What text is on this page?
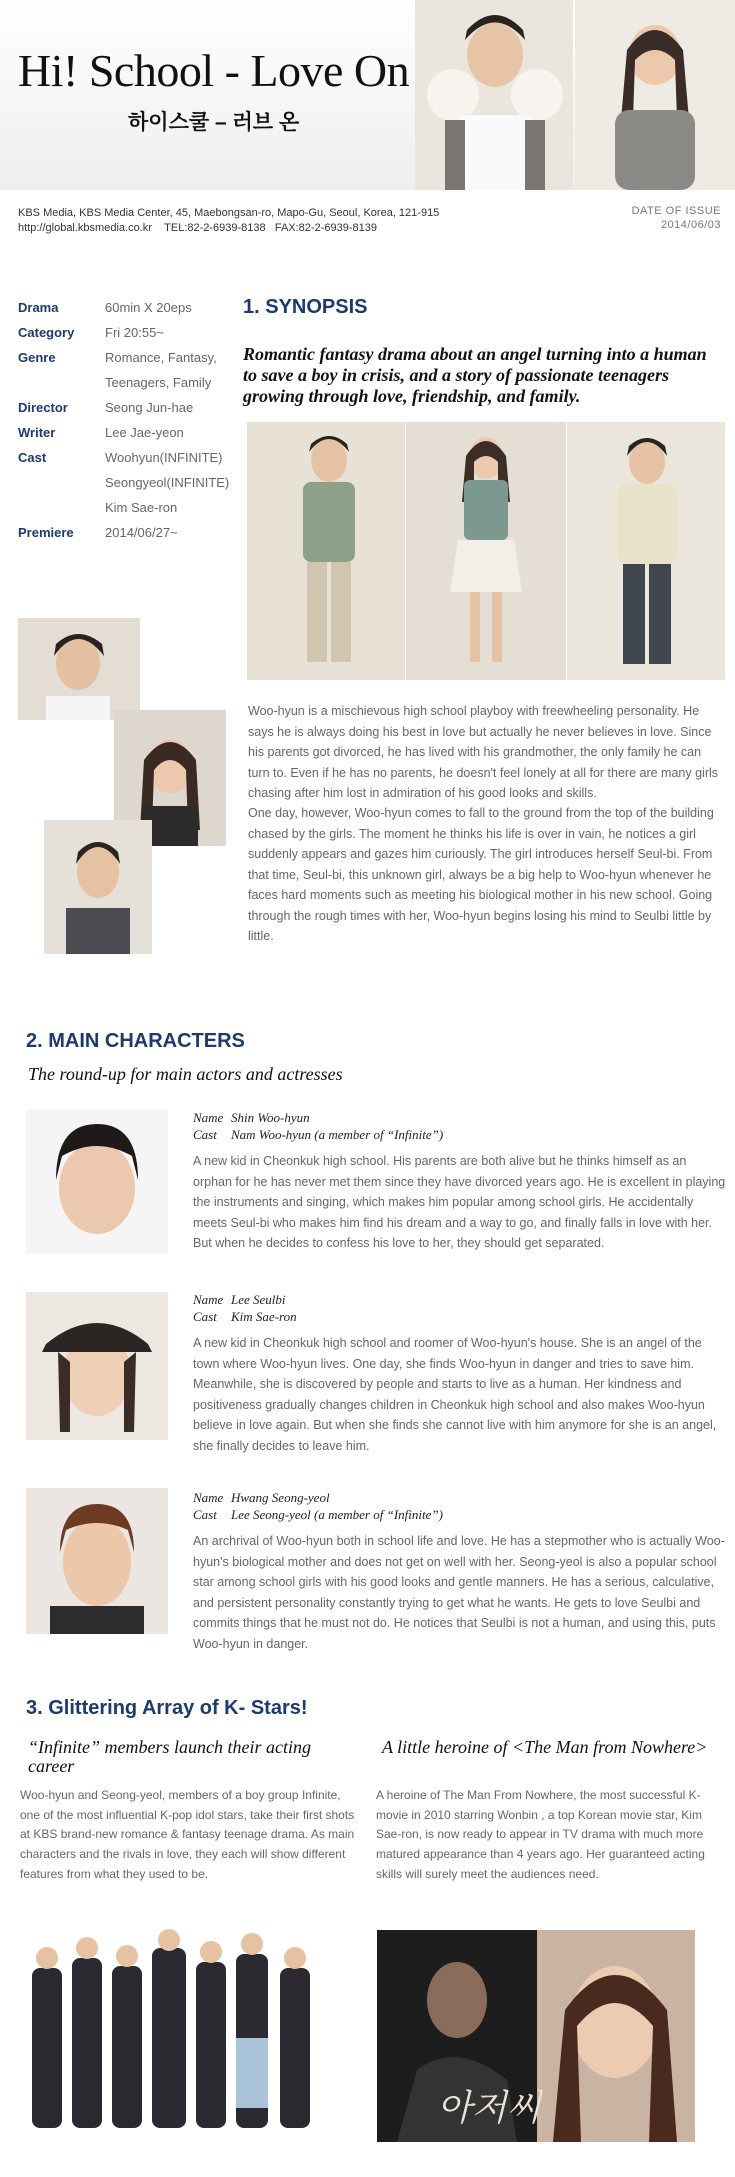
Hi! School - Love On
하이스쿨 – 러브 온
KBS Media, KBS Media Center, 45, Maebongsan-ro, Mapo-Gu, Seoul, Korea, 121-915
http://global.kbsmedia.co.kr TEL:82-2-6939-8138 FAX:82-2-6939-8139
DATE OF ISSUE
2014/06/03
Drama	60min X 20eps
Category	Fri 20:55~
Genre	Romance, Fantasy,
Teenagers, Family
Director	Seong Jun-hae
Writer	Lee Jae-yeon
Cast	Woohyun(INFINITE)
Seongyeol(INFINITE)
Kim Sae-ron
Premiere	2014/06/27~
1. SYNOPSIS
Romantic fantasy drama about an angel turning into a human to save a boy in crisis, and a story of passionate teenagers growing through love, friendship, and family.
Woo-hyun is a mischievous high school playboy with freewheeling personality. He says he is always doing his best in love but actually he never believes in love. Since his parents got divorced, he has lived with his grandmother, the only family he can turn to. Even if he has no parents, he doesn't feel lonely at all for there are many girls chasing after him lost in admiration of his good looks and skills.
One day, however, Woo-hyun comes to fall to the ground from the top of the building chased by the girls. The moment he thinks his life is over in vain, he notices a girl suddenly appears and gazes him curiously. The girl introduces herself Seul-bi. From that time, Seul-bi, this unknown girl, always be a big help to Woo-hyun whenever he faces hard moments such as meeting his biological mother in his new school. Going through the rough times with her, Woo-hyun begins losing his mind to Seulbi little by little.
2. MAIN CHARACTERS
The round-up for main actors and actresses
Name Shin Woo-hyun
Cast Nam Woo-hyun (a member of “Infinite”)
A new kid in Cheonkuk high school. His parents are both alive but he thinks himself as an orphan for he has never met them since they have divorced years ago. He is excellent in playing the instruments and singing, which makes him popular among school girls. He accidentally meets Seul-bi who makes him find his dream and a way to go, and finally falls in love with her. But when he decides to confess his love to her, they should get separated.
Name Lee Seulbi
Cast Kim Sae-ron
A new kid in Cheonkuk high school and roomer of Woo-hyun's house. She is an angel of the town where Woo-hyun lives. One day, she finds Woo-hyun in danger and tries to save him. Meanwhile, she is discovered by people and starts to live as a human. Her kindness and positiveness gradually changes children in Cheonkuk high school and also makes Woo-hyun believe in love again. But when she finds she cannot live with him anymore for she is an angel, she finally decides to leave him.
Name Hwang Seong-yeol
Cast Lee Seong-yeol (a member of “Infinite”)
An archrival of Woo-hyun both in school life and love. He has a stepmother who is actually Woo-hyun's biological mother and does not get on well with her. Seong-yeol is also a popular school star among school girls with his good looks and gentle manners. He has a serious, calculative, and persistent personality constantly trying to get what he wants. He gets to love Seulbi and commits things that he must not do. He notices that Seulbi is not a human, and using this, puts Woo-hyun in danger.
3. Glittering Array of K- Stars!
“Infinite” members launch their acting career
Woo-hyun and Seong-yeol, members of a boy group Infinite, one of the most influential K-pop idol stars, take their first shots at KBS brand-new romance & fantasy teenage drama. As main characters and the rivals in love, they each will show different features from what they used to be.
A little heroine of <The Man from Nowhere>
A heroine of The Man From Nowhere, the most successful K-movie in 2010 starring Wonbin , a top Korean movie star, Kim Sae-ron, is now ready to appear in TV drama with much more matured appearance than 4 years ago. Her guaranteed acting skills will surely meet the audiences need.
아저씨
